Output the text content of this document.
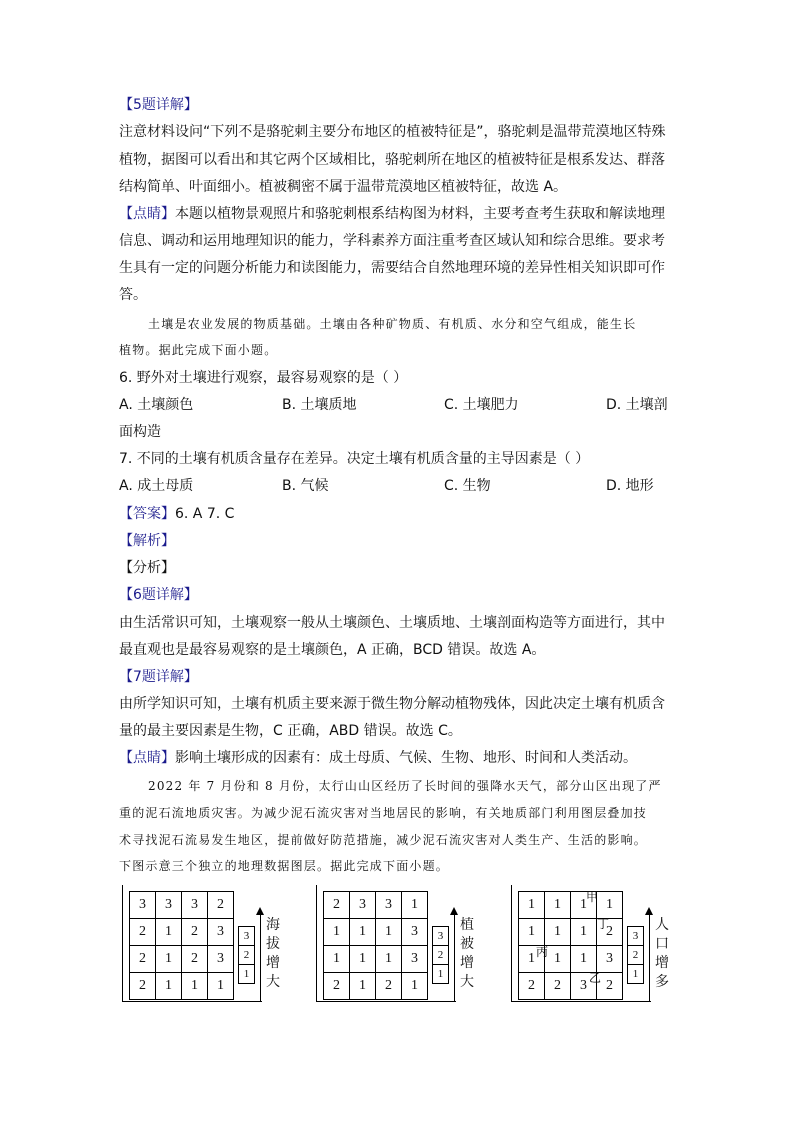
【5题详解】
注意材料设问“下列不是骆驼刺主要分布地区的植被特征是”，骆驼刺是温带荒漠地区特殊
植物，据图可以看出和其它两个区域相比，骆驼刺所在地区的植被特征是根系发达、群落
结构简单、叶面细小。植被稠密不属于温带荒漠地区植被特征，故选 A。
【点睛】本题以植物景观照片和骆驼刺根系结构图为材料，主要考查考生获取和解读地理
信息、调动和运用地理知识的能力，学科素养方面注重考查区域认知和综合思维。要求考
生具有一定的问题分析能力和读图能力，需要结合自然地理环境的差异性相关知识即可作
答。
土壤是农业发展的物质基础。土壤由各种矿物质、有机质、水分和空气组成，能生长
植物。据此完成下面小题。
6. 野外对土壤进行观察，最容易观察的是（ ）
A. 土壤颜色	B. 土壤质地	C. 土壤肥力	D. 土壤剖
面构造
7. 不同的土壤有机质含量存在差异。决定土壤有机质含量的主导因素是（ ）
A. 成土母质	B. 气候	C. 生物	D. 地形
【答案】6. A 7. C
【解析】
【分析】
【6题详解】
由生活常识可知，土壤观察一般从土壤颜色、土壤质地、土壤剖面构造等方面进行，其中
最直观也是最容易观察的是土壤颜色，A 正确，BCD 错误。故选 A。
【7题详解】
由所学知识可知，土壤有机质主要来源于微生物分解动植物残体，因此决定土壤有机质含
量的最主要因素是生物，C 正确，ABD 错误。故选 C。
【点睛】影响土壤形成的因素有：成土母质、气候、生物、地形、时间和人类活动。
2022 年 7 月份和 8 月份，太行山山区经历了长时间的强降水天气，部分山区出现了严
重的泥石流地质灾害。为减少泥石流灾害对当地居民的影响，有关地质部门利用图层叠加技
术寻找泥石流易发生地区，提前做好防范措施，减少泥石流灾害对人类生产、生活的影响。
下图示意三个独立的地理数据图层。据此完成下面小题。
3	3	3	2
2	1	2	3
2	1	2	3
2	1	1	1
3
2
1
海
拔
增
大
2	3	3	1
1	1	1	3
1	1	1	3
2	1	2	1
3
2
1
植
被
增
大
1	1	1	1
1	1	1	2
1	1	1	3
2	2	3	2
甲
丁
丙
乙
3
2
1
人
口
增
多
